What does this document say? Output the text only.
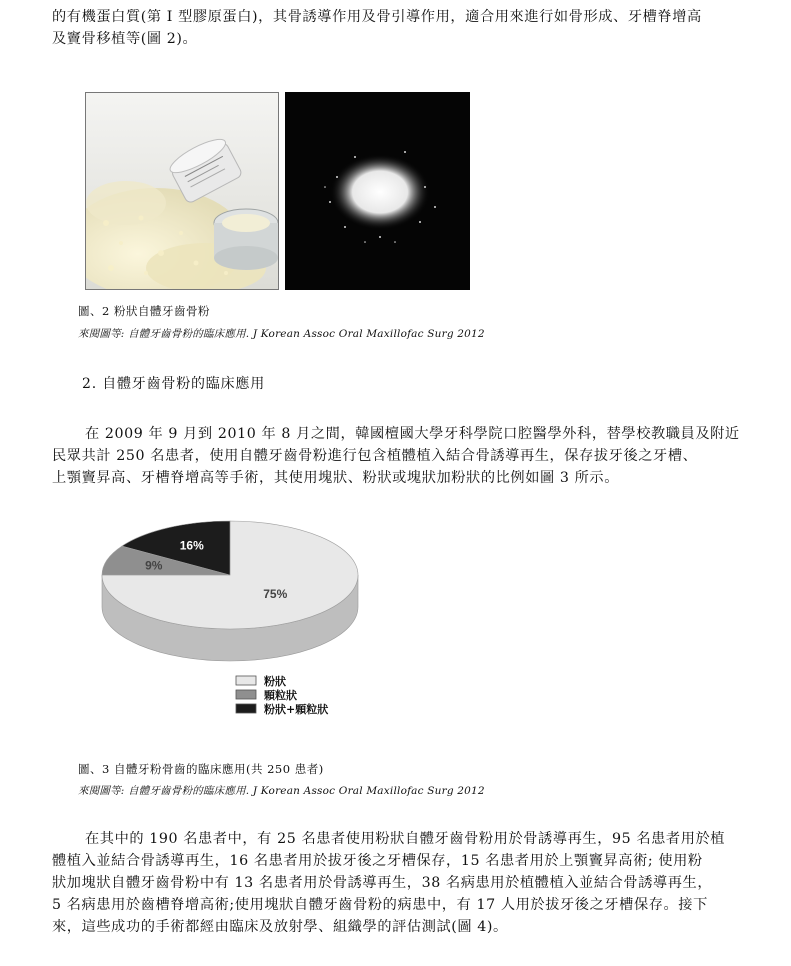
的有機蛋白質(第 I 型膠原蛋白)，其骨誘導作用及骨引導作用，適合用來進行如骨形成、牙槽脊增高
及竇骨移植等(圖 2)。
圖、2 粉狀自體牙齒骨粉
來閱圖等: 自體牙齒骨粉的臨床應用. J Korean Assoc Oral Maxillofac Surg 2012
2. 自體牙齒骨粉的臨床應用
在 2009 年 9 月到 2010 年 8 月之間，韓國檀國大學牙科學院口腔醫學外科，替學校教職員及附近
民眾共計 250 名患者，使用自體牙齒骨粉進行包含植體植入結合骨誘導再生，保存拔牙後之牙槽、
上顎竇昇高、牙槽脊增高等手術，其使用塊狀、粉狀或塊狀加粉狀的比例如圖 3 所示。
75%
9%
16%
粉狀
顆粒狀
粉狀+顆粒狀
圖、3 自體牙粉骨齒的臨床應用(共 250 患者)
來閱圖等: 自體牙齒骨粉的臨床應用. J Korean Assoc Oral Maxillofac Surg 2012
在其中的 190 名患者中，有 25 名患者使用粉狀自體牙齒骨粉用於骨誘導再生，95 名患者用於植
體植入並結合骨誘導再生，16 名患者用於拔牙後之牙槽保存，15 名患者用於上顎竇昇高術; 使用粉
狀加塊狀自體牙齒骨粉中有 13 名患者用於骨誘導再生，38 名病患用於植體植入並結合骨誘導再生，
5 名病患用於齒槽脊增高術;使用塊狀自體牙齒骨粉的病患中，有 17 人用於拔牙後之牙槽保存。接下
來，這些成功的手術都經由臨床及放射學、組織學的評估測試(圖 4)。
